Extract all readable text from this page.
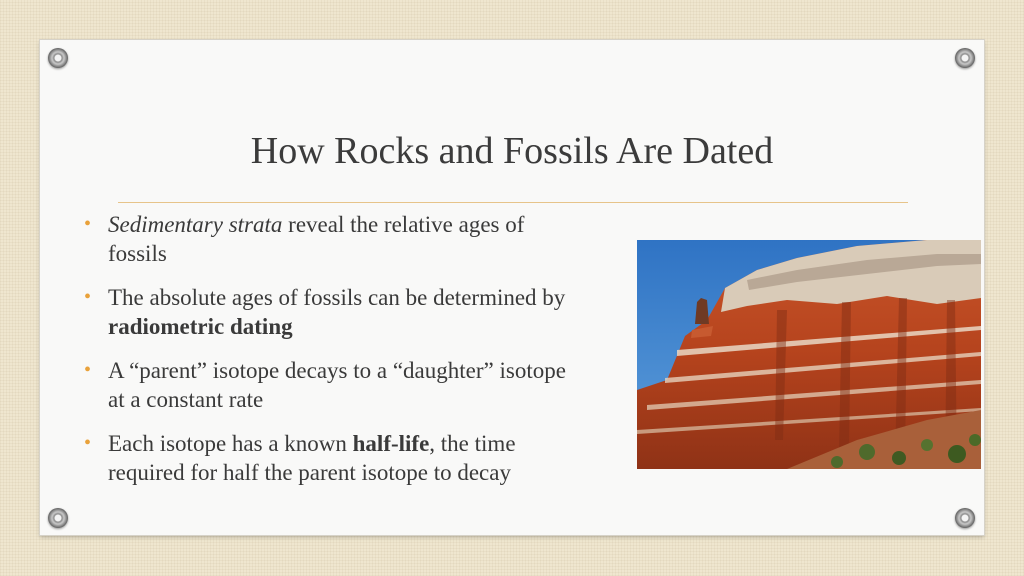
How Rocks and Fossils Are Dated
• Sedimentary strata reveal the relative ages of fossils
• The absolute ages of fossils can be determined by radiometric dating
• A “parent” isotope decays to a “daughter” isotope at a constant rate
• Each isotope has a known half-life, the time required for half the parent isotope to decay
